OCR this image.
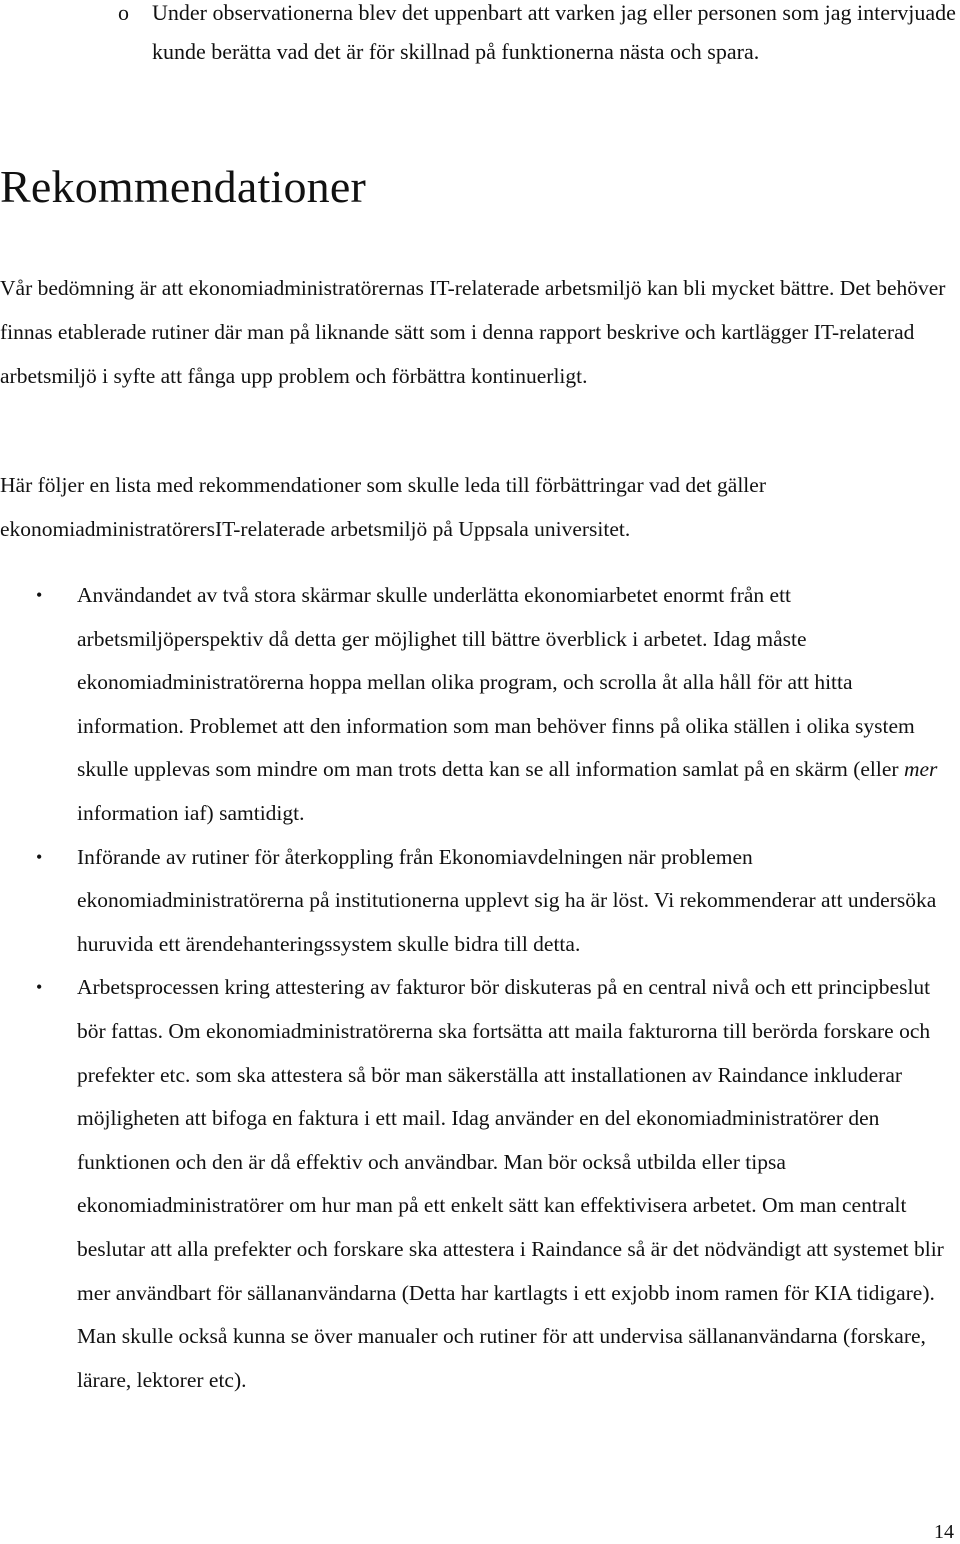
o	Under observationerna blev det uppenbart att varken jag eller personen som jag intervjuade kunde berätta vad det är för skillnad på funktionerna nästa och spara.
Rekommendationer

Vår bedömning är att ekonomiadministratörernas IT-relaterade arbetsmiljö kan bli mycket bättre. Det behöver finnas etablerade rutiner där man på liknande sätt som i denna rapport beskrive och kartlägger IT-relaterad arbetsmiljö i syfte att fånga upp problem och förbättra kontinuerligt.

Här följer en lista med rekommendationer som skulle leda till förbättringar vad det gäller ekonomiadministratörersIT-relaterade arbetsmiljö på Uppsala universitet.

• Användandet av två stora skärmar skulle underlätta ekonomiarbetet enormt från ett arbetsmiljöperspektiv då detta ger möjlighet till bättre överblick i arbetet. Idag måste ekonomiadministratörerna hoppa mellan olika program, och scrolla åt alla håll för att hitta information. Problemet att den information som man behöver finns på olika ställen i olika system skulle upplevas som mindre om man trots detta kan se all information samlat på en skärm (eller mer information iaf) samtidigt.
• Införande av rutiner för återkoppling från Ekonomiavdelningen när problemen ekonomiadministratörerna på institutionerna upplevt sig ha är löst. Vi rekommenderar att undersöka huruvida ett ärendehanteringssystem skulle bidra till detta.
• Arbetsprocessen kring attestering av fakturor bör diskuteras på en central nivå och ett principbeslut bör fattas. Om ekonomiadministratörerna ska fortsätta att maila fakturorna till berörda forskare och prefekter etc. som ska attestera så bör man säkerställa att installationen av Raindance inkluderar möjligheten att bifoga en faktura i ett mail. Idag använder en del ekonomiadministratörer den funktionen och den är då effektiv och användbar. Man bör också utbilda eller tipsa ekonomiadministratörer om hur man på ett enkelt sätt kan effektivisera arbetet. Om man centralt beslutar att alla prefekter och forskare ska attestera i Raindance så är det nödvändigt att systemet blir mer användbart för sällananvändarna (Detta har kartlagts i ett exjobb inom ramen för KIA tidigare). Man skulle också kunna se över manualer och rutiner för att undervisa sällananvändarna (forskare, lärare, lektorer etc).
14
